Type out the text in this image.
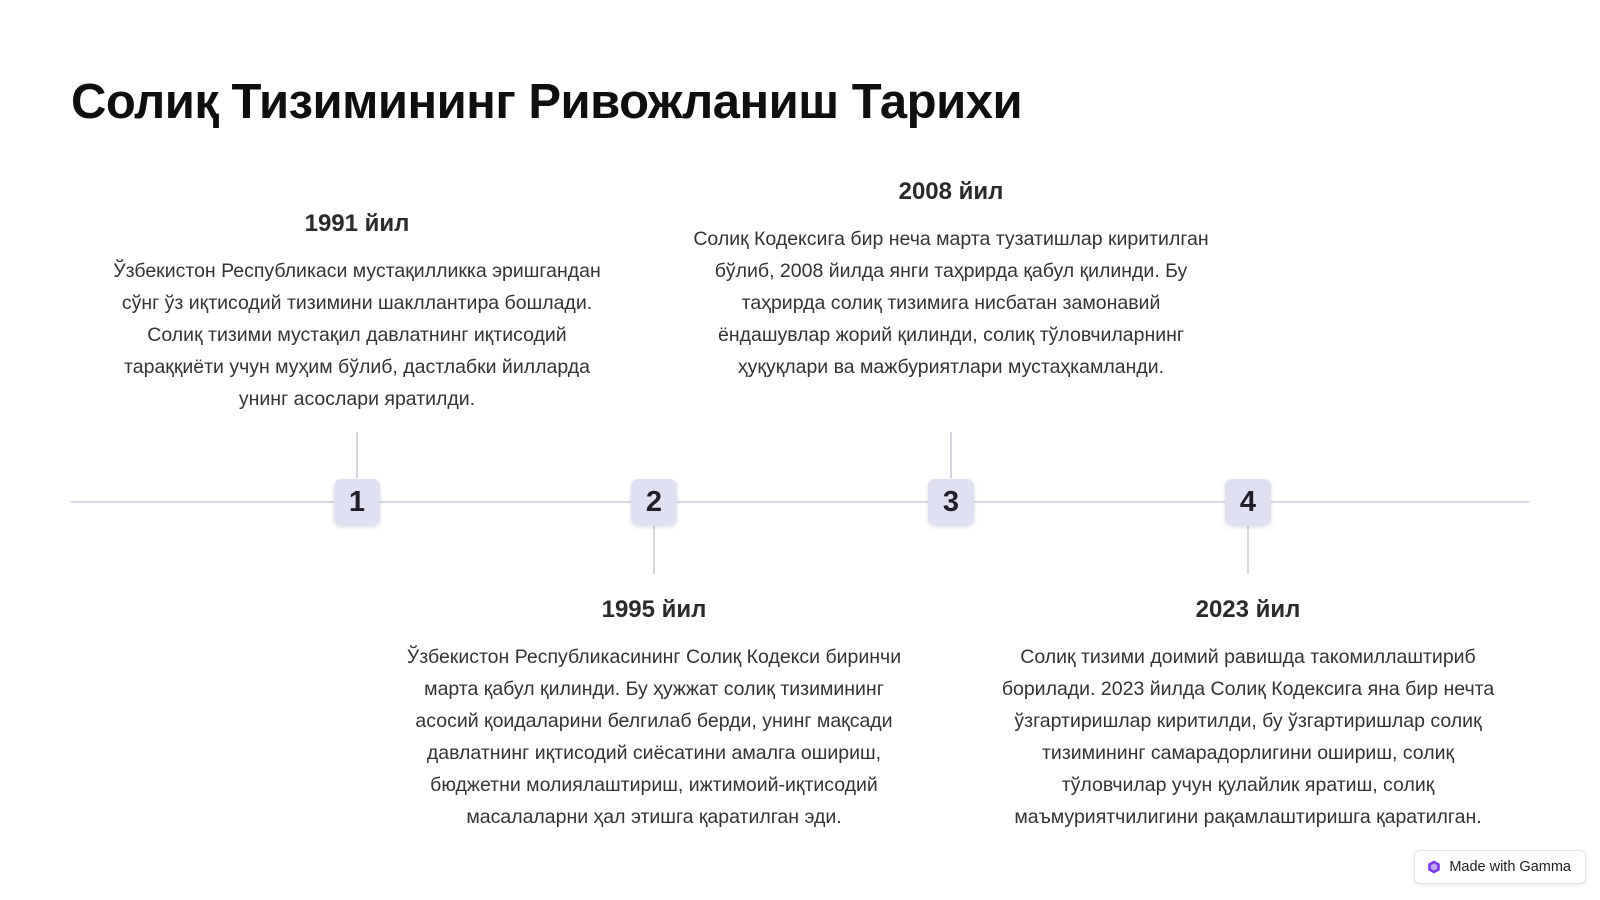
Солиқ Тизимининг Ривожланиш Тарихи
1	2	3	4
1991 йил

Ўзбекистон Республикаси мустақилликка эришгандан сўнг ўз иқтисодий тизимини шакллантира бошлади. Солиқ тизими мустақил давлатнинг иқтисодий тараққиёти учун муҳим бўлиб, дастлабки йилларда унинг асослари яратилди.

2008 йил

Солиқ Кодексига бир неча марта тузатишлар киритилган бўлиб, 2008 йилда янги таҳрирда қабул қилинди. Бу таҳрирда солиқ тизимига нисбатан замонавий ёндашувлар жорий қилинди, солиқ тўловчиларнинг ҳуқуқлари ва мажбуриятлари мустаҳкамланди.

1995 йил

Ўзбекистон Республикасининг Солиқ Кодекси биринчи марта қабул қилинди. Бу ҳужжат солиқ тизимининг асосий қоидаларини белгилаб берди, унинг мақсади давлатнинг иқтисодий сиёсатини амалга ошириш, бюджетни молиялаштириш, ижтимоий-иқтисодий масалаларни ҳал этишга қаратилган эди.

2023 йил

Солиқ тизими доимий равишда такомиллаштириб борилади. 2023 йилда Солиқ Кодексига яна бир нечта ўзгартиришлар киритилди, бу ўзгартиришлар солиқ тизимининг самарадорлигини ошириш, солиқ тўловчилар учун қулайлик яратиш, солиқ маъмуриятчилигини рақамлаштиришга қаратилган.

Made with Gamma
